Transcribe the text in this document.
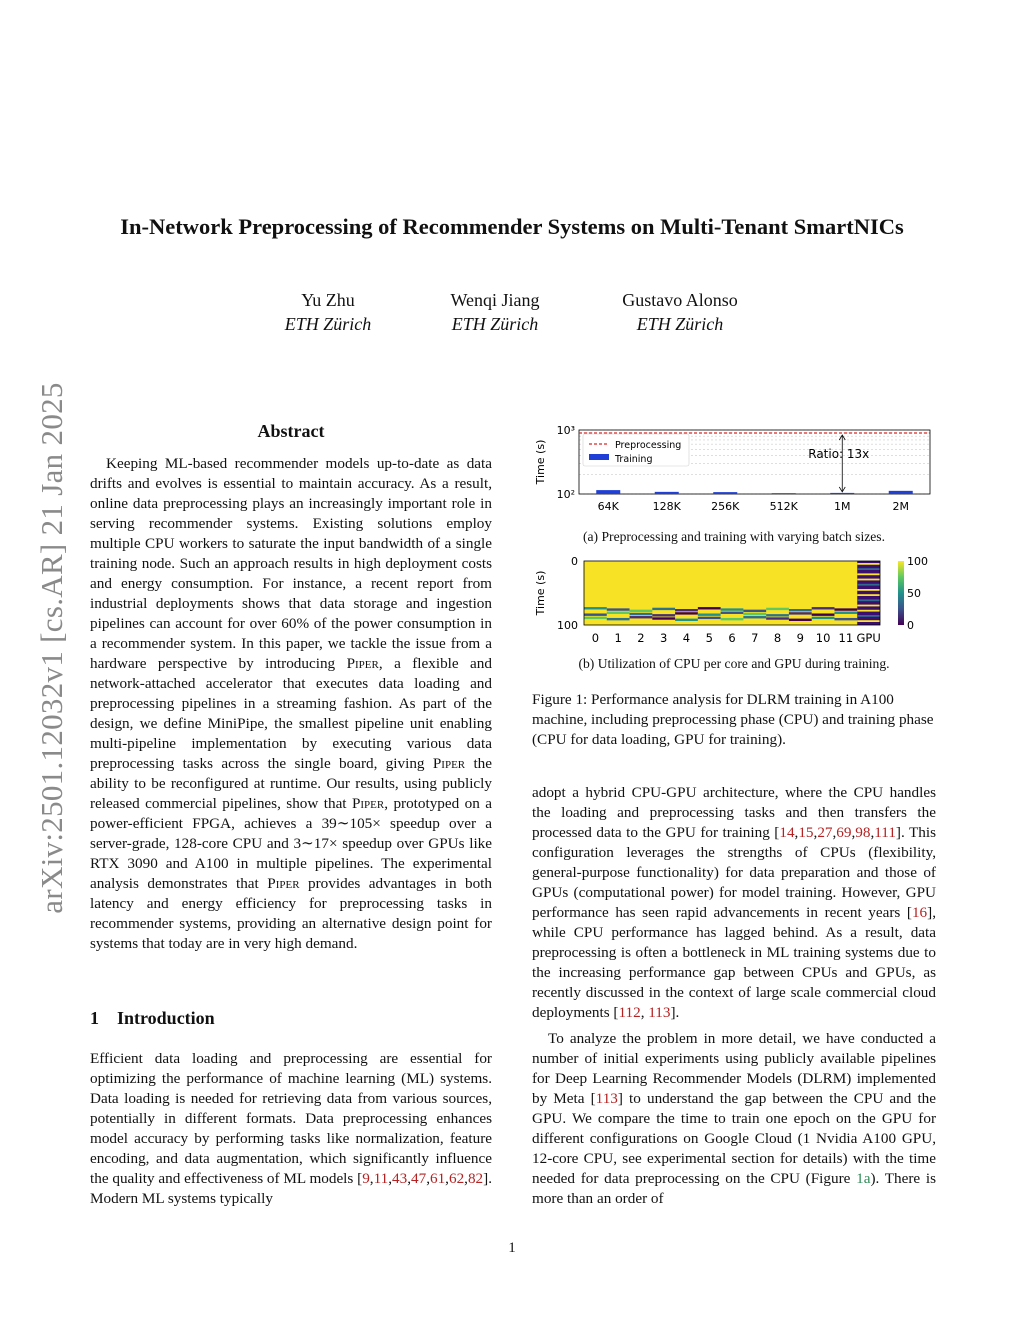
arXiv:2501.12032v1 [cs.AR] 21 Jan 2025
In-Network Preprocessing of Recommender Systems on Multi-Tenant SmartNICs
Yu Zhu
ETH Zürich
Wenqi Jiang
ETH Zürich
Gustavo Alonso
ETH Zürich
Abstract

Keeping ML-based recommender models up-to-date as data drifts and evolves is essential to maintain accuracy. As a result, online data preprocessing plays an increasingly important role in serving recommender systems. Existing solutions employ multiple CPU workers to saturate the input bandwidth of a single training node. Such an approach results in high deployment costs and energy consumption. For instance, a recent report from industrial deployments shows that data storage and ingestion pipelines can account for over 60% of the power consumption in a recommender system. In this paper, we tackle the issue from a hardware perspective by introducing Piper, a flexible and network-attached accelerator that executes data loading and preprocessing pipelines in a streaming fashion. As part of the design, we define MiniPipe, the smallest pipeline unit enabling multi-pipeline implementation by executing various data preprocessing tasks across the single board, giving Piper the ability to be reconfigured at runtime. Our results, using publicly released commercial pipelines, show that Piper, prototyped on a power-efficient FPGA, achieves a 39∼105× speedup over a server-grade, 128-core CPU and 3∼17× speedup over GPUs like RTX 3090 and A100 in multiple pipelines. The experimental analysis demonstrates that Piper provides advantages in both latency and energy efficiency for preprocessing tasks in recommender systems, providing an alternative design point for systems that today are in very high demand.

1 Introduction

Efficient data loading and preprocessing are essential for optimizing the performance of machine learning (ML) systems. Data loading is needed for retrieving data from various sources, potentially in different formats. Data preprocessing enhances model accuracy by performing tasks like normalization, feature encoding, and data augmentation, which significantly influence the quality and effectiveness of ML models [9,11,43,47,61,62,82]. Modern ML systems typically

Time (s)
10²
10³
64K	128K	256K	512K	1M	2M
Ratio: 13x
Preprocessing
Training
(a) Preprocessing and training with varying batch sizes.
Time (s)
0
100
0 1 2 3 4 5 6 7 8 9 10 11 GPU
100
50
0
(b) Utilization of CPU per core and GPU during training.
Figure 1: Performance analysis for DLRM training in A100 machine, including preprocessing phase (CPU) and training phase (CPU for data loading, GPU for training).

adopt a hybrid CPU-GPU architecture, where the CPU handles the loading and preprocessing tasks and then transfers the processed data to the GPU for training [14,15,27,69,98,111]. This configuration leverages the strengths of CPUs (flexibility, general-purpose functionality) for data preparation and those of GPUs (computational power) for model training. However, GPU performance has seen rapid advancements in recent years [16], while CPU performance has lagged behind. As a result, data preprocessing is often a bottleneck in ML training systems due to the increasing performance gap between CPUs and GPUs, as recently discussed in the context of large scale commercial cloud deployments [112, 113].

To analyze the problem in more detail, we have conducted a number of initial experiments using publicly available pipelines for Deep Learning Recommender Models (DLRM) implemented by Meta [113] to understand the gap between the CPU and the GPU. We compare the time to train one epoch on the GPU for different configurations on Google Cloud (1 Nvidia A100 GPU, 12-core CPU, see experimental section for details) with the time needed for data preprocessing on the CPU (Figure 1a). There is more than an order of

1
